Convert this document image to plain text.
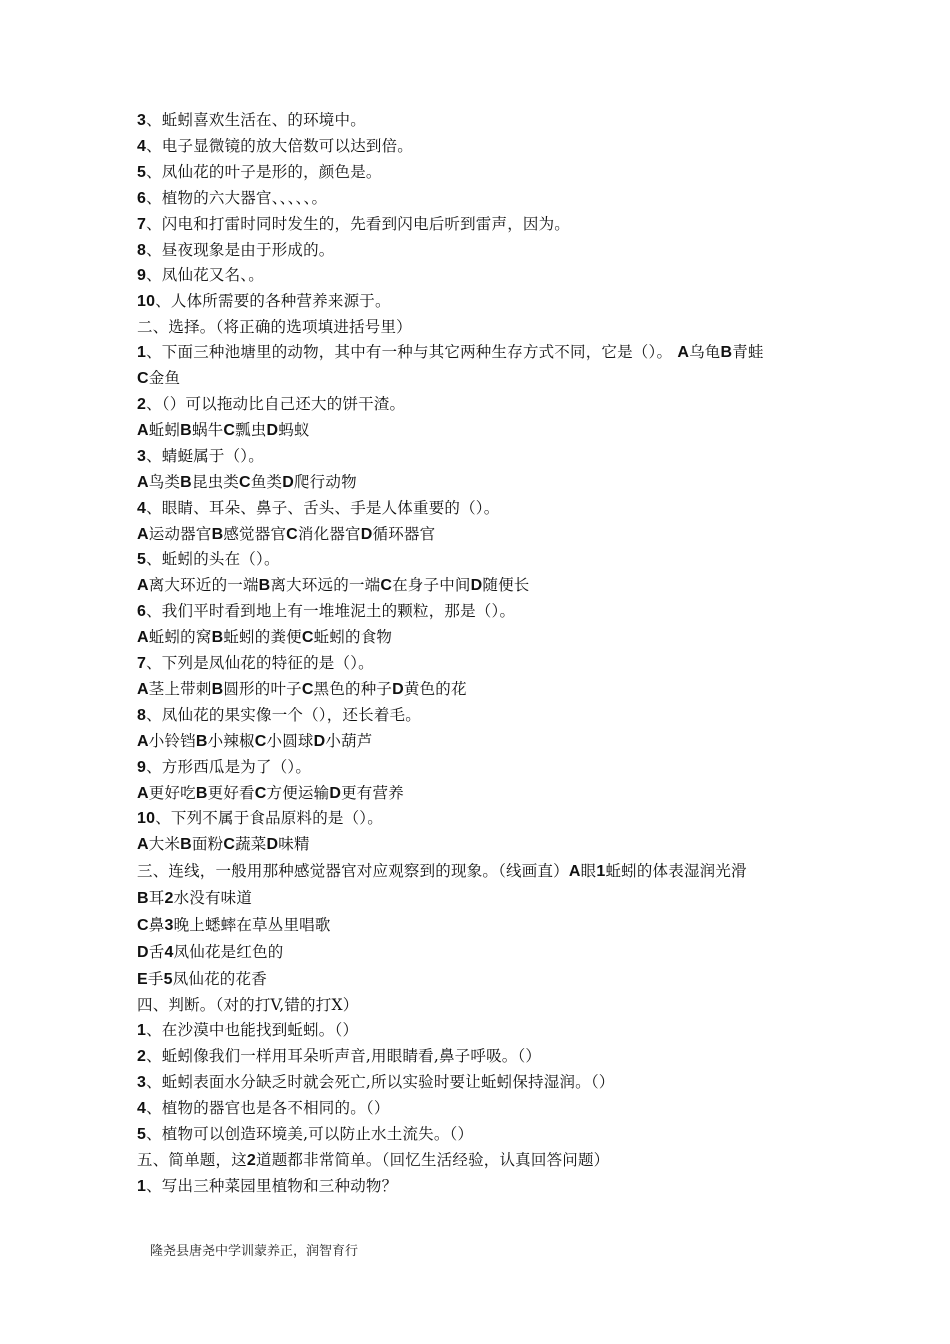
3、蚯蚓喜欢生活在、的环境中。
4、电子显微镜的放大倍数可以达到倍。
5、凤仙花的叶子是形的，颜色是。
6、植物的六大器官、、、、、。
7、闪电和打雷时同时发生的，先看到闪电后听到雷声，因为。
8、昼夜现象是由于形成的。
9、凤仙花又名、。
10、人体所需要的各种营养来源于。
二、选择。（将正确的选项填进括号里）
1、下面三种池塘里的动物，其中有一种与其它两种生存方式不同，它是（）。 A乌龟B青蛙
C金鱼
2、（）可以拖动比自己还大的饼干渣。
A蚯蚓B蜗牛C瓢虫D蚂蚁
3、蜻蜓属于（）。
A鸟类B昆虫类C鱼类D爬行动物
4、眼睛、耳朵、鼻子、舌头、手是人体重要的（）。
A运动器官B感觉器官C消化器官D循环器官
5、蚯蚓的头在（）。
A离大环近的一端B离大环远的一端C在身子中间D随便长
6、我们平时看到地上有一堆堆泥土的颗粒，那是（）。
A蚯蚓的窝B蚯蚓的粪便C蚯蚓的食物
7、下列是凤仙花的特征的是（）。
A茎上带刺B圆形的叶子C黑色的种子D黄色的花
8、凤仙花的果实像一个（），还长着毛。
A小铃铛B小辣椒C小圆球D小葫芦
9、方形西瓜是为了（）。
A更好吃B更好看C方便运输D更有营养
10、下列不属于食品原料的是（）。
A大米B面粉C蔬菜D味精
三、连线，一般用那种感觉器官对应观察到的现象。（线画直）A眼1蚯蚓的体表湿润光滑
B耳2水没有味道
C鼻3晚上蟋蟀在草丛里唱歌
D舌4凤仙花是红色的
E手5凤仙花的花香
四、判断。（对的打V,错的打X）
1、在沙漠中也能找到蚯蚓。（）
2、蚯蚓像我们一样用耳朵听声音,用眼睛看,鼻子呼吸。（）
3、蚯蚓表面水分缺乏时就会死亡,所以实验时要让蚯蚓保持湿润。（）
4、植物的器官也是各不相同的。（）
5、植物可以创造环境美,可以防止水土流失。（）
五、简单题，这2道题都非常简单。（回忆生活经验，认真回答问题）
1、写出三种菜园里植物和三种动物？
隆尧县唐尧中学训蒙养正，润智育行
